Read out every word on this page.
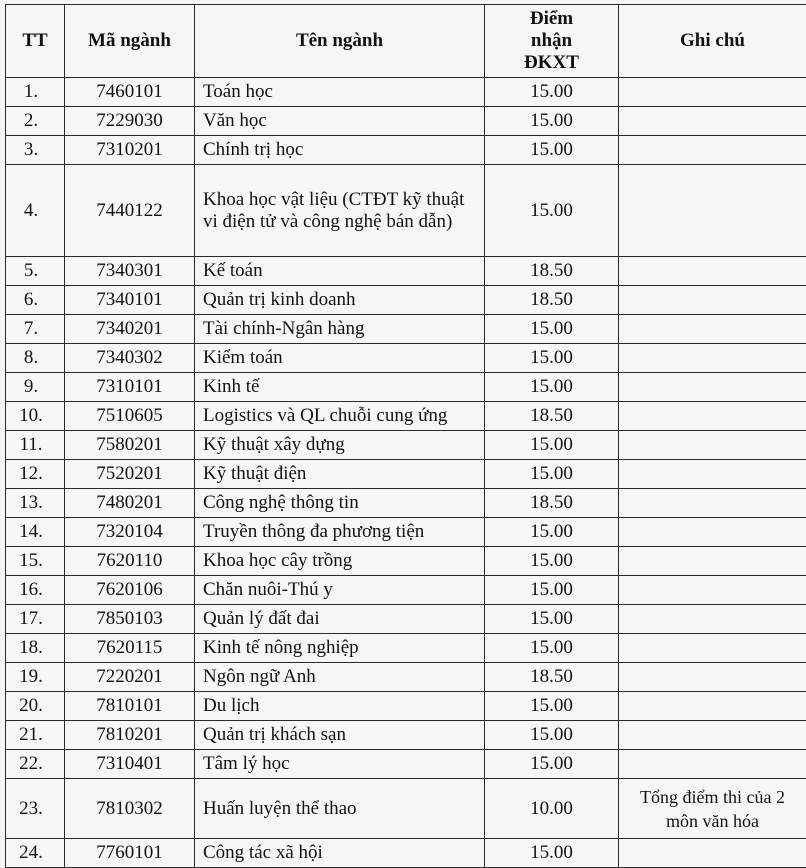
TT	Mã ngành	Tên ngành	Điểm nhận ĐKXT	Ghi chú
1.	7460101	Toán học	15.00	
2.	7229030	Văn học	15.00	
3.	7310201	Chính trị học	15.00	
4.	7440122	Khoa học vật liệu (CTĐT kỹ thuật vi điện tử và công nghệ bán dẫn)	15.00	
5.	7340301	Kế toán	18.50	
6.	7340101	Quản trị kinh doanh	18.50	
7.	7340201	Tài chính-Ngân hàng	15.00	
8.	7340302	Kiểm toán	15.00	
9.	7310101	Kinh tế	15.00	
10.	7510605	Logistics và QL chuỗi cung ứng	18.50	
11.	7580201	Kỹ thuật xây dựng	15.00	
12.	7520201	Kỹ thuật điện	15.00	
13.	7480201	Công nghệ thông tin	18.50	
14.	7320104	Truyền thông đa phương tiện	15.00	
15.	7620110	Khoa học cây trồng	15.00	
16.	7620106	Chăn nuôi-Thú y	15.00	
17.	7850103	Quản lý đất đai	15.00	
18.	7620115	Kinh tế nông nghiệp	15.00	
19.	7220201	Ngôn ngữ Anh	18.50	
20.	7810101	Du lịch	15.00	
21.	7810201	Quản trị khách sạn	15.00	
22.	7310401	Tâm lý học	15.00	
23.	7810302	Huấn luyện thể thao	10.00	Tổng điểm thi của 2 môn văn hóa
24.	7760101	Công tác xã hội	15.00	
